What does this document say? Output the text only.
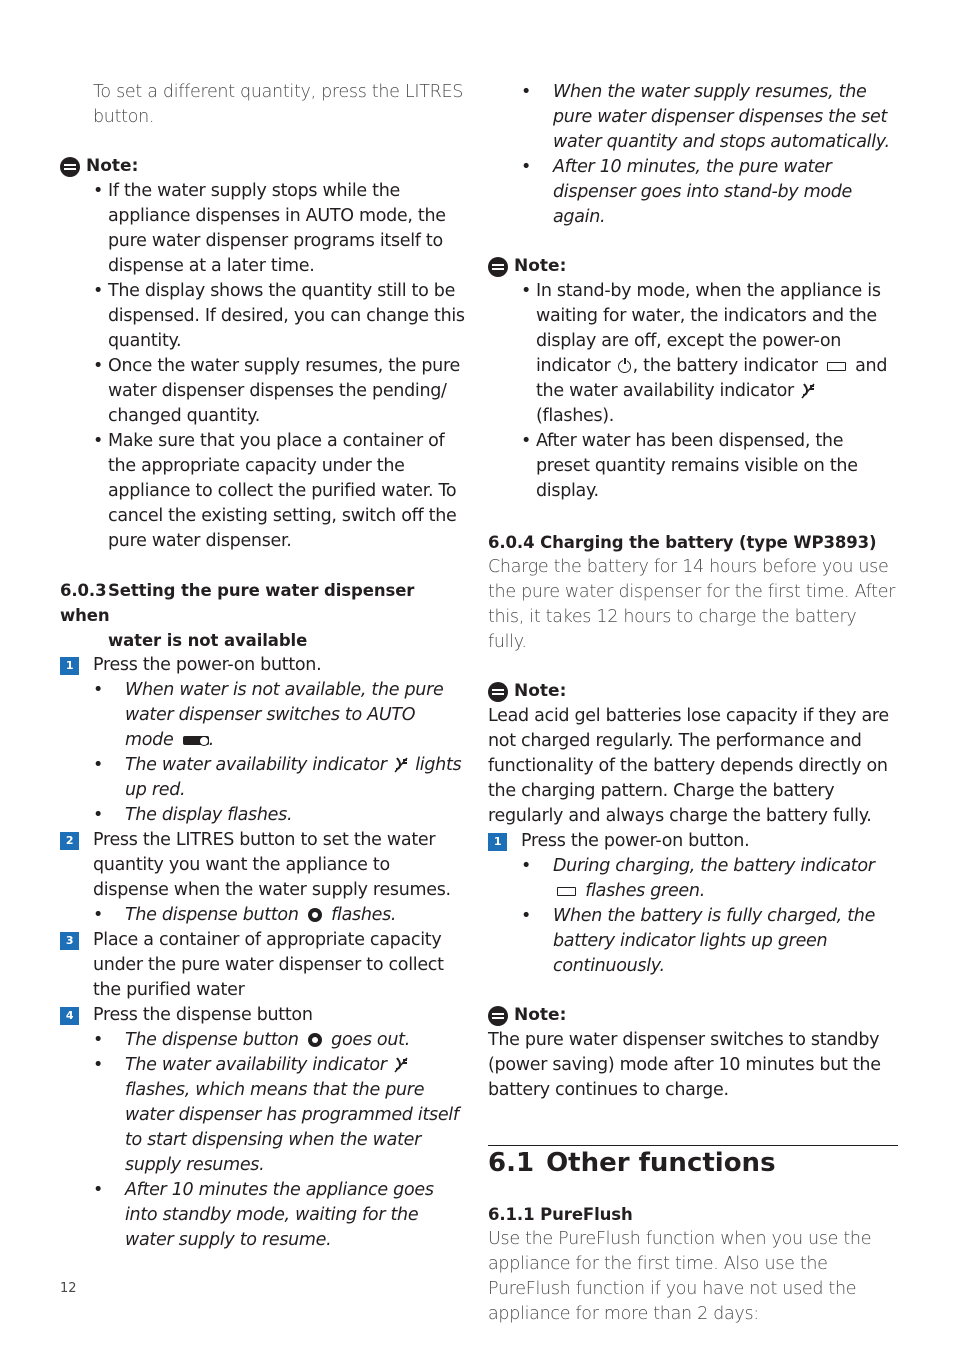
To set a different quantity, press the LITRES button.
Note:
• If the water supply stops while the appliance dispenses in AUTO mode, the pure water dispenser programs itself to dispense at a later time.
• The display shows the quantity still to be dispensed. If desired, you can change this quantity.
• Once the water supply resumes, the pure water dispenser dispenses the pending/ changed quantity.
• Make sure that you place a container of the appropriate capacity under the appliance to collect the purified water. To cancel the existing setting, switch off the pure water dispenser.
6.0.3Setting the pure water dispenser when
water is not available
1	Press the power-on button.
• When water is not available, the pure water dispenser switches to AUTO mode .
• The water availability indicator  lights up red.
• The display flashes.
2	Press the LITRES button to set the water quantity you want the appliance to dispense when the water supply resumes.
• The dispense button  flashes.
3	Place a container of appropriate capacity under the pure water dispenser to collect the purified water
4	Press the dispense button
• The dispense button  goes out.
• The water availability indicator  flashes, which means that the pure water dispenser has programmed itself to start dispensing when the water supply resumes.
• After 10 minutes the appliance goes into standby mode, waiting for the water supply to resume.
• When the water supply resumes, the pure water dispenser dispenses the set water quantity and stops automatically.
• After 10 minutes, the pure water dispenser goes into stand-by mode again.
Note:
• In stand-by mode, when the appliance is waiting for water, the indicators and the display are off, except the power-on indicator , the battery indicator  and the water availability indicator  (flashes).
• After water has been dispensed, the preset quantity remains visible on the display.
6.0.4 Charging the battery (type WP3893)
Charge the battery for 14 hours before you use the pure water dispenser for the first time. After this, it takes 12 hours to charge the battery fully.
Note:
Lead acid gel batteries lose capacity if they are not charged regularly. The performance and functionality of the battery depends directly on the charging pattern. Charge the battery regularly and always charge the battery fully.
1	Press the power-on button.
• During charging, the battery indicator  flashes green.
• When the battery is fully charged, the battery indicator lights up green continuously.
Note:
The pure water dispenser switches to standby (power saving) mode after 10 minutes but the battery continues to charge.
6.1 Other functions
6.1.1 PureFlush
Use the PureFlush function when you use the appliance for the first time. Also use the PureFlush function if you have not used the appliance for more than 2 days:
12
